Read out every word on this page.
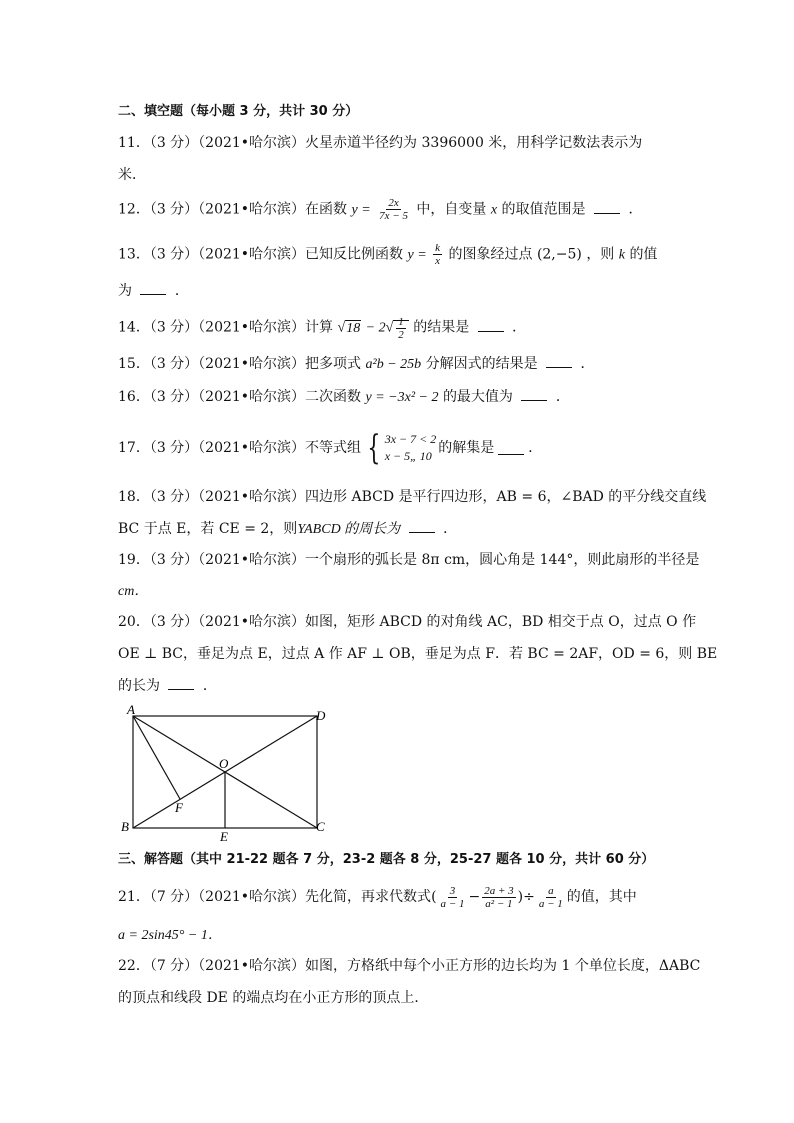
二、填空题（每小题 3 分，共计 30 分）
11．（3 分）（2021•哈尔滨）火星赤道半径约为 3396000 米，用科学记数法表示为
米．
12．（3 分）（2021•哈尔滨）在函数 $y = \frac{2x}{7x - 5}$ 中，自变量 x 的取值范围是	．
13．（3 分）（2021•哈尔滨）已知反比例函数 $y = \frac{k}{x}$ 的图象经过点 (2,−5) ，则 k 的值
为	．
14．（3 分）（2021•哈尔滨）计算 $√18 - 2√ \frac{1}{2}$ 的结果是	．
15．（3 分）（2021•哈尔滨）把多项式 a²b − 25b 分解因式的结果是	．
16．（3 分）（2021•哈尔滨）二次函数 y = −3x² − 2 的最大值为	．
17．（3 分）（2021•哈尔滨）不等式组 { 3x − 7 < 2
x − 5„ 10 的解集是 ．
18．（3 分）（2021•哈尔滨）四边形 ABCD 是平行四边形，AB = 6，∠BAD 的平分线交直线
BC 于点 E，若 CE = 2，则YABCD 的周长为	．
19．（3 分）（2021•哈尔滨）一个扇形的弧长是 8π cm，圆心角是 144°，则此扇形的半径是
cm．
20．（3 分）（2021•哈尔滨）如图，矩形 ABCD 的对角线 AC，BD 相交于点 O，过点 O 作
OE ⊥ BC，垂足为点 E，过点 A 作 AF ⊥ OB，垂足为点 F．若 BC = 2AF，OD = 6，则 BE
的长为	．
A
B	C
D
O
E
F
三、解答题（其中 21-22 题各 7 分，23-2 题各 8 分，25-27 题各 10 分，共计 60 分）
21．（7 分）（2021•哈尔滨）先化简，再求代数式 ( $\frac{3}{a - 1} - \frac{2a + 3}{\text{a² − 1}}$ )÷ $\frac{a}{a - 1}$ 的值，其中
a = 2sin45° − 1．
22．（7 分）（2021•哈尔滨）如图，方格纸中每个小正方形的边长均为 1 个单位长度，ΔABC
的顶点和线段 DE 的端点均在小正方形的顶点上．
